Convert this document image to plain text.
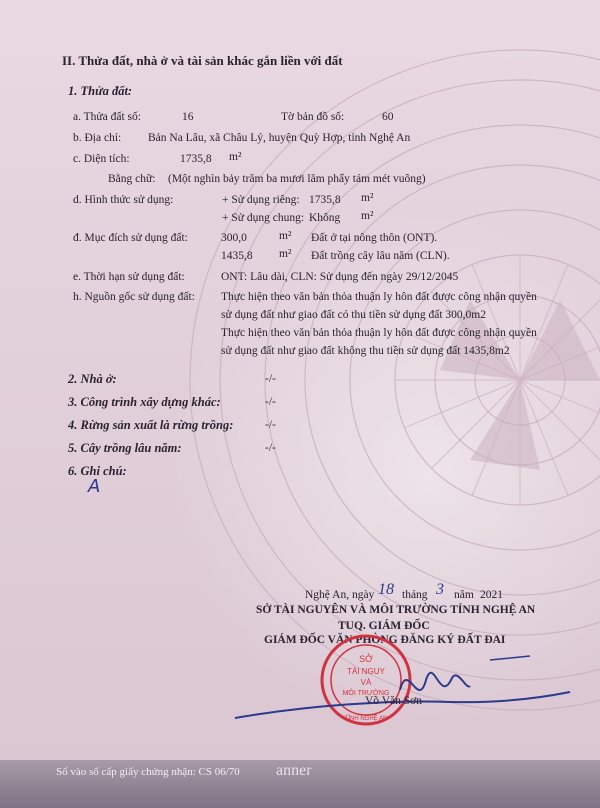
II. Thửa đất, nhà ở và tài sản khác gắn liền với đất
1. Thửa đất:
a. Thửa đất số:	16	Tờ bản đồ số:	60
b. Địa chỉ: Bản Na Lâu, xã Châu Lý, huyện Quỳ Hợp, tỉnh Nghệ An
c. Diện tích:	1735,8 m²
Bằng chữ: (Một nghìn bảy trăm ba mươi lăm phẩy tám mét vuông)
d. Hình thức sử dụng:	+ Sử dụng riêng: 1735,8 m²
+ Sử dụng chung: Không m²
đ. Mục đích sử dụng đất:	300,0	m² Đất ở tại nông thôn (ONT).
1435,8 m² Đất trồng cây lâu năm (CLN).
e. Thời hạn sử dụng đất:	ONT: Lâu dài, CLN: Sử dụng đến ngày 29/12/2045
h. Nguồn gốc sử dụng đất: Thực hiện theo văn bản thỏa thuận ly hôn đất được công nhận quyền
sử dụng đất như giao đất có thu tiền sử dụng đất 300,0m2
Thực hiện theo văn bản thỏa thuận ly hôn đất được công nhận quyền
sử dụng đất như giao đất không thu tiền sử dụng đất 1435,8m2
2. Nhà ở:	-/-
3. Công trình xây dựng khác:	-/-
4. Rừng sản xuất là rừng trồng:	-/-
5. Cây trồng lâu năm:	-/-
6. Ghi chú:
A
Nghệ An, ngày 18 tháng 3 năm 2021
SỞ TÀI NGUYÊN VÀ MÔI TRƯỜNG TỈNH NGHỆ AN
TUQ. GIÁM ĐỐC
GIÁM ĐỐC VĂN PHÒNG ĐĂNG KÝ ĐẤT ĐAI
SỞ
TÀI NGUY
VÀ
MÔI TRƯỜNG
TỈNH NGHỆ AN
Võ Văn Sơn
Số vào sổ cấp giấy chứng nhận: CS 06/70 anner
